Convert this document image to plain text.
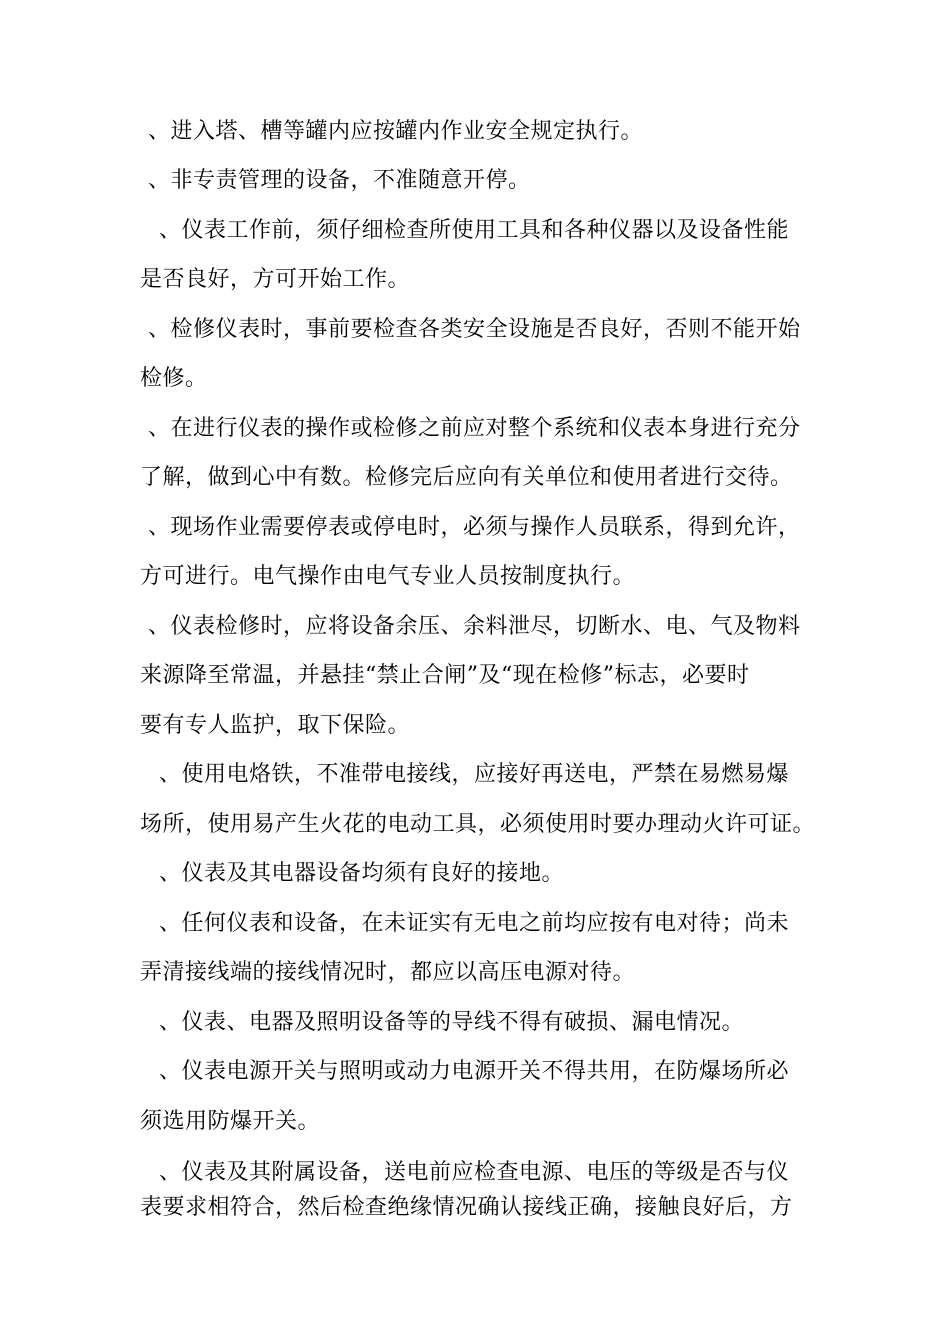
、进入塔、槽等罐内应按罐内作业安全规定执行。
、非专责管理的设备，不准随意开停。
、仪表工作前，须仔细检查所使用工具和各种仪器以及设备性能
是否良好，方可开始工作。
、检修仪表时，事前要检查各类安全设施是否良好，否则不能开始
检修。
、在进行仪表的操作或检修之前应对整个系统和仪表本身进行充分
了解，做到心中有数。检修完后应向有关单位和使用者进行交待。
、现场作业需要停表或停电时，必须与操作人员联系，得到允许，
方可进行。电气操作由电气专业人员按制度执行。
、仪表检修时，应将设备余压、余料泄尽，切断水、电、气及物料
来源降至常温，并悬挂“禁止合闸”及“现在检修”标志，必要时
要有专人监护，取下保险。
、使用电烙铁，不准带电接线，应接好再送电，严禁在易燃易爆
场所，使用易产生火花的电动工具，必须使用时要办理动火许可证。
、仪表及其电器设备均须有良好的接地。
、任何仪表和设备，在未证实有无电之前均应按有电对待；尚未
弄清接线端的接线情况时，都应以高压电源对待。
、仪表、电器及照明设备等的导线不得有破损、漏电情况。
、仪表电源开关与照明或动力电源开关不得共用，在防爆场所必
须选用防爆开关。
、仪表及其附属设备，送电前应检查电源、电压的等级是否与仪
表要求相符合，然后检查绝缘情况确认接线正确，接触良好后，方
